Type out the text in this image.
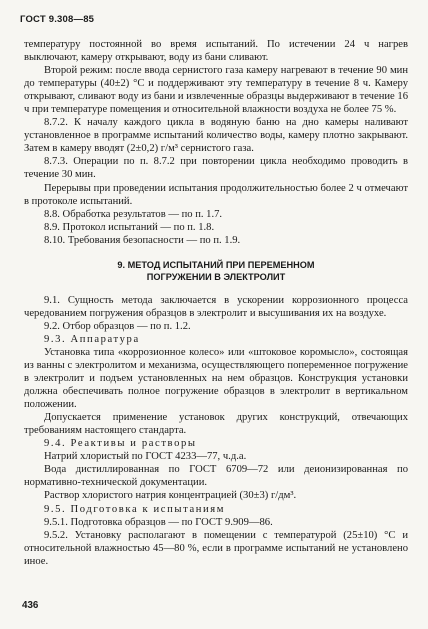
ГОСТ 9.308—85

температуру постоянной во время испытаний. По истечении 24 ч нагрев выключают, камеру открывают, воду из бани сливают.

Второй режим: после ввода сернистого газа камеру нагревают в течение 90 мин до температуры (40±2) °С и поддерживают эту температуру в течение 8 ч. Камеру открывают, сливают воду из бани и извлеченные образцы выдерживают в течение 16 ч при температуре помещения и относительной влажности воздуха не более 75 %.

8.7.2. К началу каждого цикла в водяную баню на дно камеры наливают установленное в программе испытаний количество воды, камеру плотно закрывают. Затем в камеру вводят (2±0,2) г/м³ сернистого газа.

8.7.3. Операции по п. 8.7.2 при повторении цикла необходимо проводить в течение 30 мин.

Перерывы при проведении испытания продолжительностью более 2 ч отмечают в протоколе испытаний.

8.8. Обработка результатов — по п. 1.7.

8.9. Протокол испытаний — по п. 1.8.

8.10. Требования безопасности — по п. 1.9.

9. МЕТОД ИСПЫТАНИЙ ПРИ ПЕРЕМЕННОМ
ПОГРУЖЕНИИ В ЭЛЕКТРОЛИТ

9.1. Сущность метода заключается в ускорении коррозионного процесса чередованием погружения образцов в электролит и высушивания их на воздухе.

9.2. Отбор образцов — по п. 1.2.

9.3. Аппаратура

Установка типа «коррозионное колесо» или «штоковое коромысло», состоящая из ванны с электролитом и механизма, осуществляющего попеременное погружение в электролит и подъем установленных на нем образцов. Конструкция установки должна обеспечивать полное погружение образцов в электролит в вертикальном положении.

Допускается применение установок других конструкций, отвечающих требованиям настоящего стандарта.

9.4. Реактивы и растворы

Натрий хлористый по ГОСТ 4233—77, ч.д.а.

Вода дистиллированная по ГОСТ 6709—72 или деионизированная по нормативно-технической документации.

Раствор хлористого натрия концентрацией (30±3) г/дм³.

9.5. Подготовка к испытаниям

9.5.1. Подготовка образцов — по ГОСТ 9.909—86.

9.5.2. Установку располагают в помещении с температурой (25±10) °С и относительной влажностью 45—80 %, если в программе испытаний не установлено иное.

436
